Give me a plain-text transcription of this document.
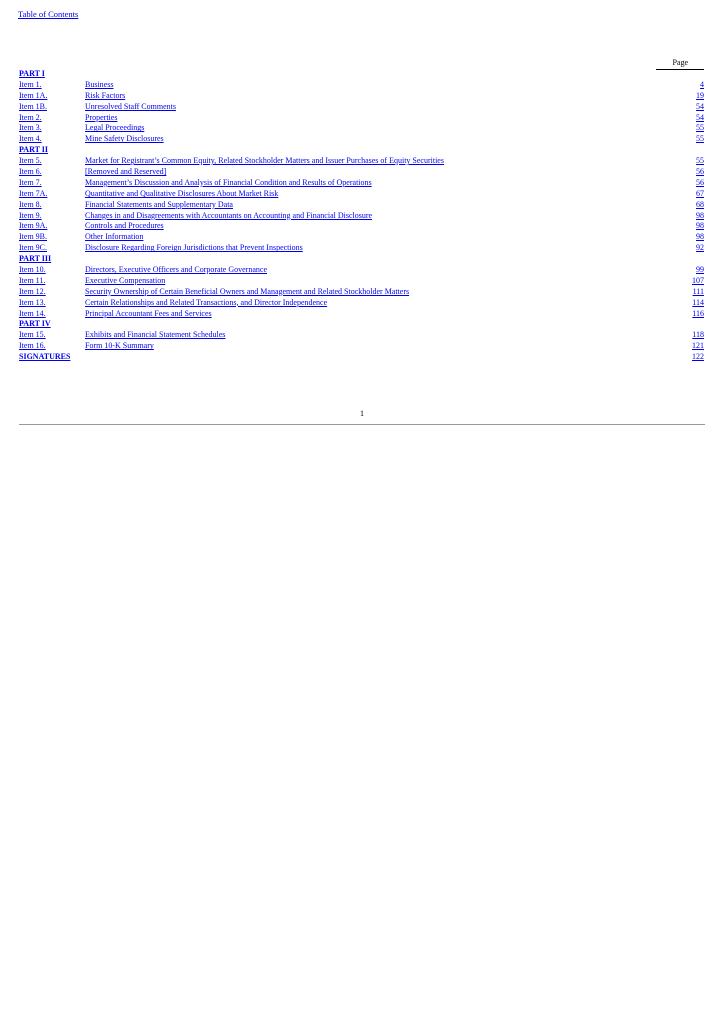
Table of Contents
Page
PART I
Item 1.	Business	4
Item 1A.	Risk Factors	19
Item 1B.	Unresolved Staff Comments	54
Item 2.	Properties	54
Item 3.	Legal Proceedings	55
Item 4.	Mine Safety Disclosures	55
PART II
Item 5.	Market for Registrant’s Common Equity, Related Stockholder Matters and Issuer Purchases of Equity Securities	55
Item 6.	[Removed and Reserved]	56
Item 7.	Management’s Discussion and Analysis of Financial Condition and Results of Operations	56
Item 7A.	Quantitative and Qualitative Disclosures About Market Risk	67
Item 8.	Financial Statements and Supplementary Data	68
Item 9.	Changes in and Disagreements with Accountants on Accounting and Financial Disclosure	98
Item 9A.	Controls and Procedures	98
Item 9B.	Other Information	98
Item 9C.	Disclosure Regarding Foreign Jurisdictions that Prevent Inspections	92
PART III
Item 10.	Directors, Executive Officers and Corporate Governance	99
Item 11.	Executive Compensation	107
Item 12.	Security Ownership of Certain Beneficial Owners and Management and Related Stockholder Matters	111
Item 13.	Certain Relationships and Related Transactions, and Director Independence	114
Item 14.	Principal Accountant Fees and Services	116
PART IV
Item 15.	Exhibits and Financial Statement Schedules	118
Item 16.	Form 10-K Summary	121
SIGNATURES	122
1
